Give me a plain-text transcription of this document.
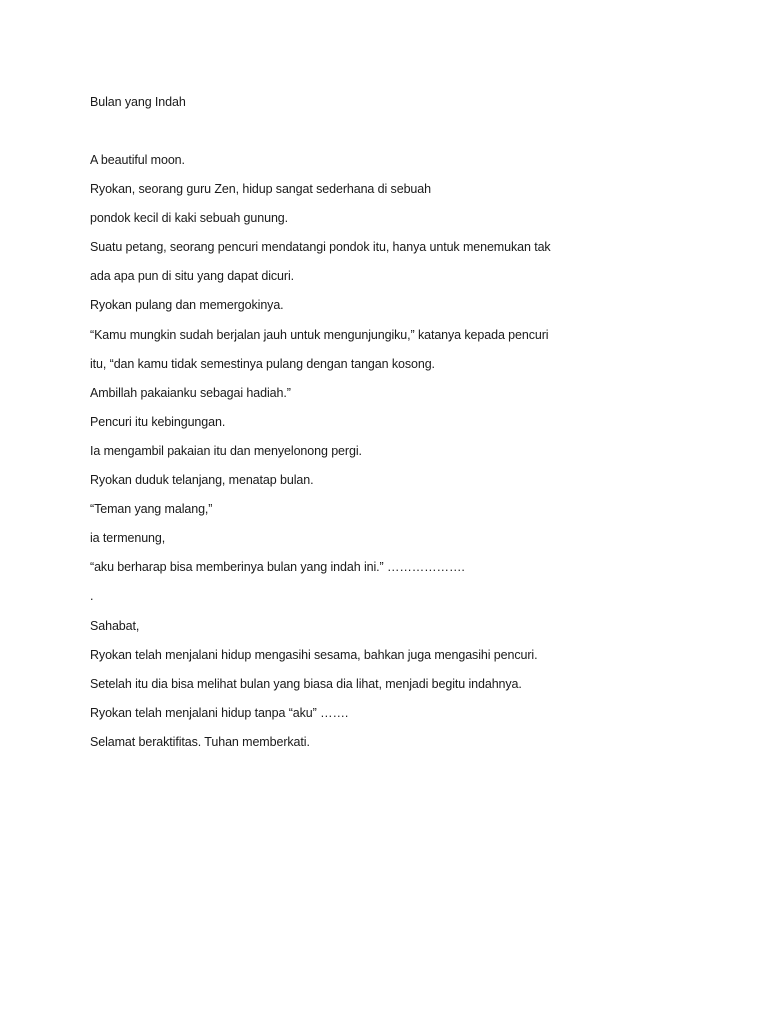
Bulan yang Indah
A beautiful moon.
Ryokan, seorang guru Zen, hidup sangat sederhana di sebuah
pondok kecil di kaki sebuah gunung.
Suatu petang, seorang pencuri mendatangi pondok itu, hanya untuk menemukan tak
ada apa pun di situ yang dapat dicuri.
Ryokan pulang dan memergokinya.
“Kamu mungkin sudah berjalan jauh untuk mengunjungiku,” katanya kepada pencuri
itu, “dan kamu tidak semestinya pulang dengan tangan kosong.
Ambillah pakaianku sebagai hadiah.”
Pencuri itu kebingungan.
Ia mengambil pakaian itu dan menyelonong pergi.
Ryokan duduk telanjang, menatap bulan.
“Teman yang malang,”
ia termenung,
“aku berharap bisa memberinya bulan yang indah ini.” ……………….
.
Sahabat,
Ryokan telah menjalani hidup mengasihi sesama, bahkan juga mengasihi pencuri.
Setelah itu dia bisa melihat bulan yang biasa dia lihat, menjadi begitu indahnya.
Ryokan telah menjalani hidup tanpa “aku” …….
Selamat beraktifitas. Tuhan memberkati.
